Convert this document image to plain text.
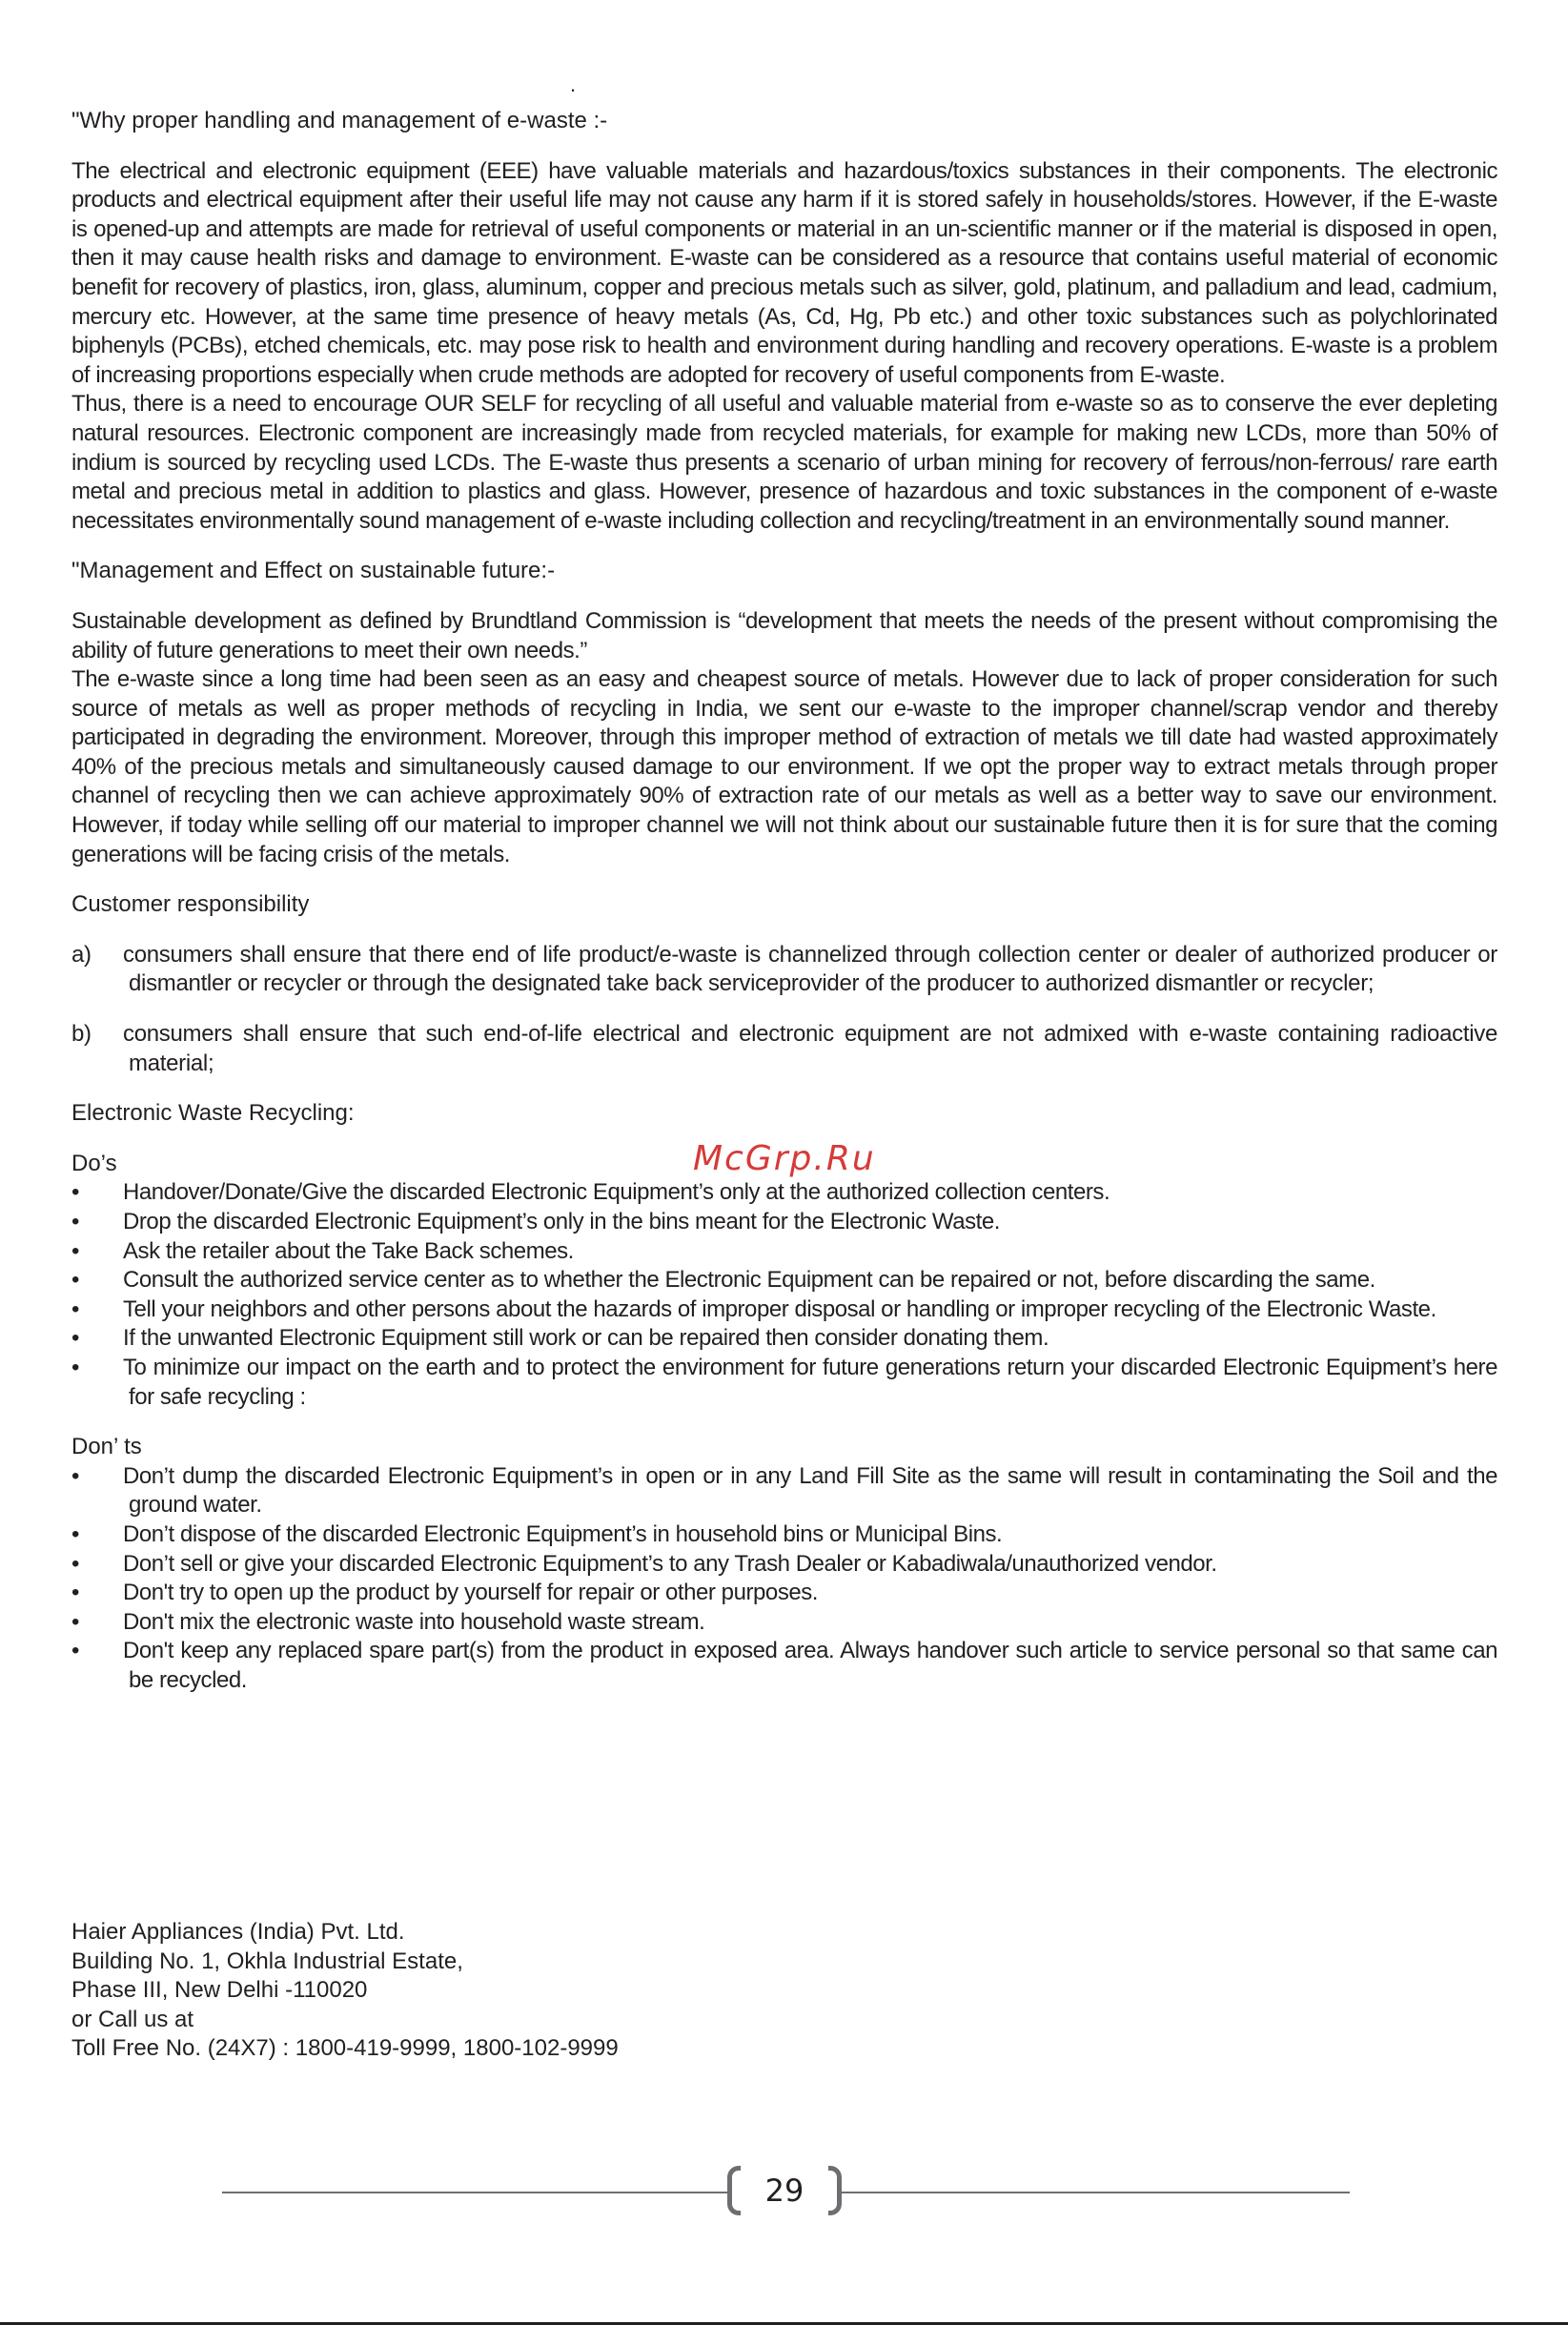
.
"Why proper handling and management of e-waste :-

The electrical and electronic equipment (EEE) have valuable materials and hazardous/toxics substances in their components. The electronic products and electrical equipment after their useful life may not cause any harm if it is stored safely in households/stores. However, if the E-waste is opened-up and attempts are made for retrieval of useful components or material in an un-scientific manner or if the material is disposed in open, then it may cause health risks and damage to environment. E-waste can be considered as a resource that contains useful material of economic benefit for recovery of plastics, iron, glass, aluminum, copper and precious metals such as silver, gold, platinum, and palladium and lead, cadmium, mercury etc. However, at the same time presence of heavy metals (As, Cd, Hg, Pb etc.) and other toxic substances such as polychlorinated biphenyls (PCBs), etched chemicals, etc. may pose risk to health and environment during handling and recovery operations. E-waste is a problem of increasing proportions especially when crude methods are adopted for recovery of useful components from E-waste.

Thus, there is a need to encourage OUR SELF for recycling of all useful and valuable material from e-waste so as to conserve the ever depleting natural resources. Electronic component are increasingly made from recycled materials, for example for making new LCDs, more than 50% of indium is sourced by recycling used LCDs. The E-waste thus presents a scenario of urban mining for recovery of ferrous/non-ferrous/ rare earth metal and precious metal in addition to plastics and glass. However, presence of hazardous and toxic substances in the component of e-waste necessitates environmentally sound management of e-waste including collection and recycling/treatment in an environmentally sound manner.

"Management and Effect on sustainable future:-

Sustainable development as defined by Brundtland Commission is “development that meets the needs of the present without compromising the ability of future generations to meet their own needs.”

The e-waste since a long time had been seen as an easy and cheapest source of metals. However due to lack of proper consideration for such source of metals as well as proper methods of recycling in India, we sent our e-waste to the improper channel/scrap vendor and thereby participated in degrading the environment. Moreover, through this improper method of extraction of metals we till date had wasted approximately 40% of the precious metals and simultaneously caused damage to our environment. If we opt the proper way to extract metals through proper channel of recycling then we can achieve approximately 90% of extraction rate of our metals as well as a better way to save our environment. However, if today while selling off our material to improper channel we will not think about our sustainable future then it is for sure that the coming generations will be facing crisis of the metals.

Customer responsibility
a) consumers shall ensure that there end of life product/e-waste is channelized through collection center or dealer of authorized producer or dismantler or recycler or through the designated take back serviceprovider of the producer to authorized dismantler or recycler;
b) consumers shall ensure that such end-of-life electrical and electronic equipment are not admixed with e-waste containing radioactive material;
Electronic Waste Recycling:
Do’s
• Handover/Donate/Give the discarded Electronic Equipment’s only at the authorized collection centers.
• Drop the discarded Electronic Equipment’s only in the bins meant for the Electronic Waste.
• Ask the retailer about the Take Back schemes.
• Consult the authorized service center as to whether the Electronic Equipment can be repaired or not, before discarding the same.
• Tell your neighbors and other persons about the hazards of improper disposal or handling or improper recycling of the Electronic Waste.
• If the unwanted Electronic Equipment still work or can be repaired then consider donating them.
• To minimize our impact on the earth and to protect the environment for future generations return your discarded Electronic Equipment’s here for safe recycling :
Don’ ts
• Don’t dump the discarded Electronic Equipment’s in open or in any Land Fill Site as the same will result in contaminating the Soil and the ground water.
• Don’t dispose of the discarded Electronic Equipment’s in household bins or Municipal Bins.
• Don’t sell or give your discarded Electronic Equipment’s to any Trash Dealer or Kabadiwala/unauthorized vendor.
• Don't try to open up the product by yourself for repair or other purposes.
• Don't mix the electronic waste into household waste stream.
• Don't keep any replaced spare part(s) from the product in exposed area. Always handover such article to service personal so that same can be recycled.
McGrp.Ru
Haier Appliances (India) Pvt. Ltd.
Building No. 1, Okhla Industrial Estate,
Phase III, New Delhi -110020
or Call us at
Toll Free No. (24X7) : 1800-419-9999, 1800-102-9999
29
